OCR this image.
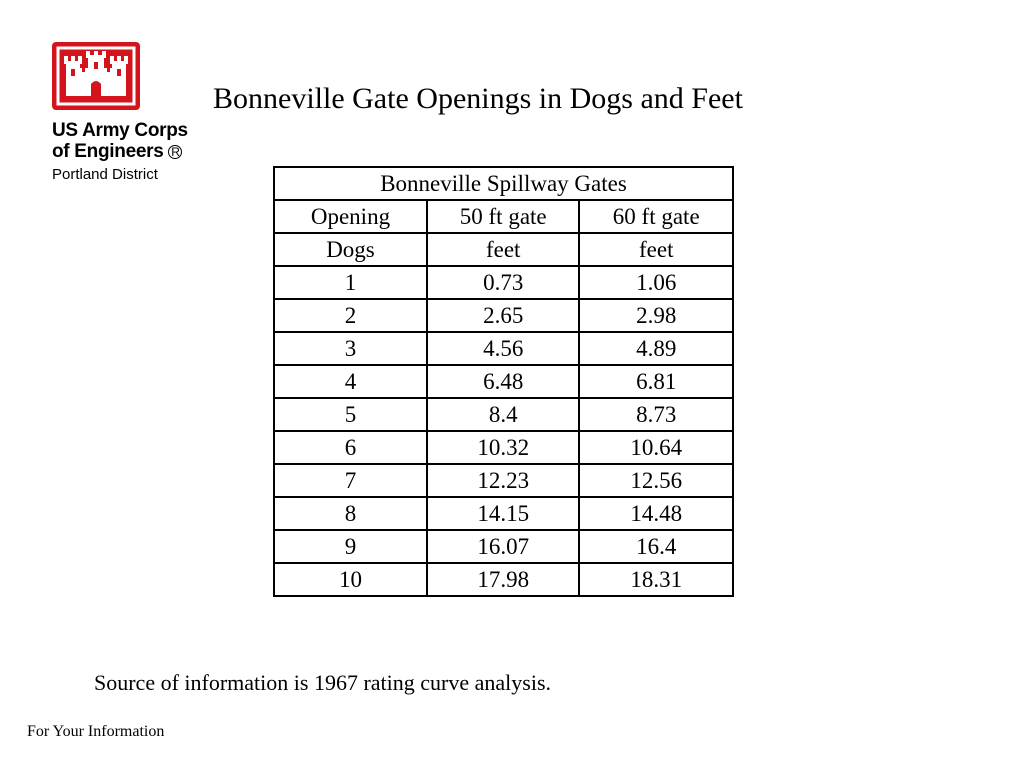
US Army Corps
of Engineers R
Portland District
Bonneville Gate Openings in Dogs and Feet
Bonneville Spillway Gates		
Opening	50 ft gate	60 ft gate
Dogs	feet	feet
1	0.73	1.06
2	2.65	2.98
3	4.56	4.89
4	6.48	6.81
5	8.4	8.73
6	10.32	10.64
7	12.23	12.56
8	14.15	14.48
9	16.07	16.4
10	17.98	18.31
Source of information is 1967 rating curve analysis.
For Your Information
